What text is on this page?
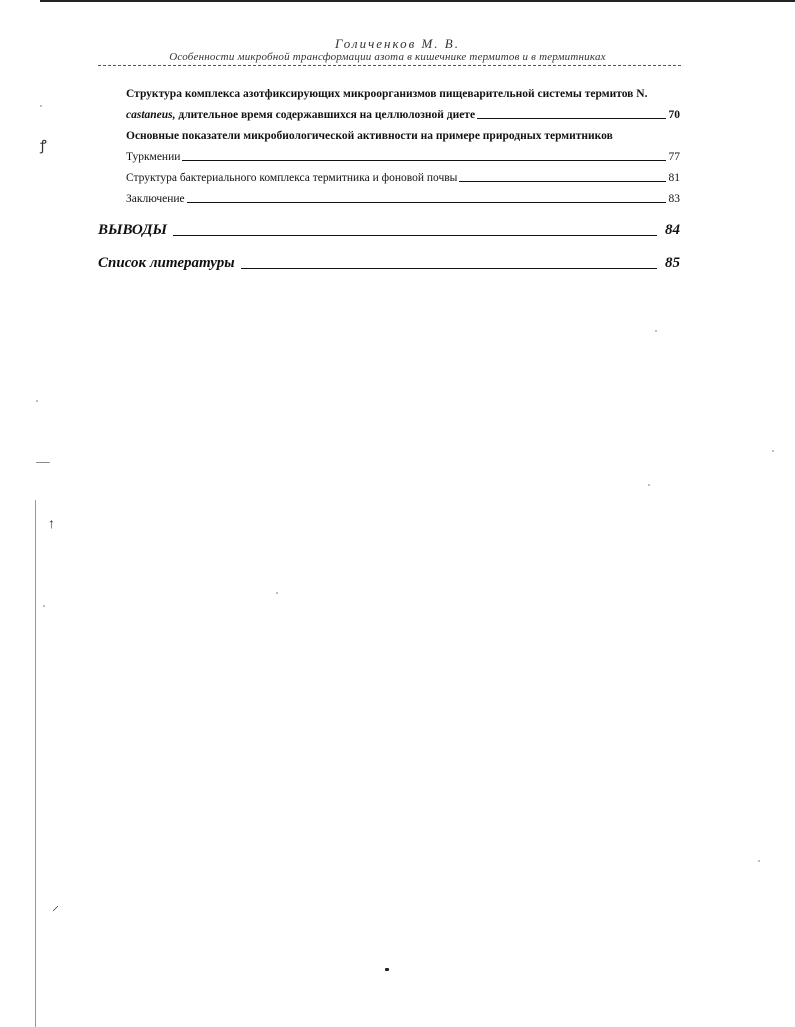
Голиченков М. В.
Особенности микробной трансформации азота в кишечнике термитов и в термитниках
Структура комплекса азотфиксирующих микроорганизмов пищеварительной системы термитов N.
castaneus, длительное время содержавшихся на целлюлозной диете	70
Основные показатели микробиологической активности на примере природных термитников
Туркмении	77
Структура бактериального комплекса термитника и фоновой почвы	81
Заключение	83
ВЫВОДЫ	84
Список литературы	85
ꝭ
↑
⸝
